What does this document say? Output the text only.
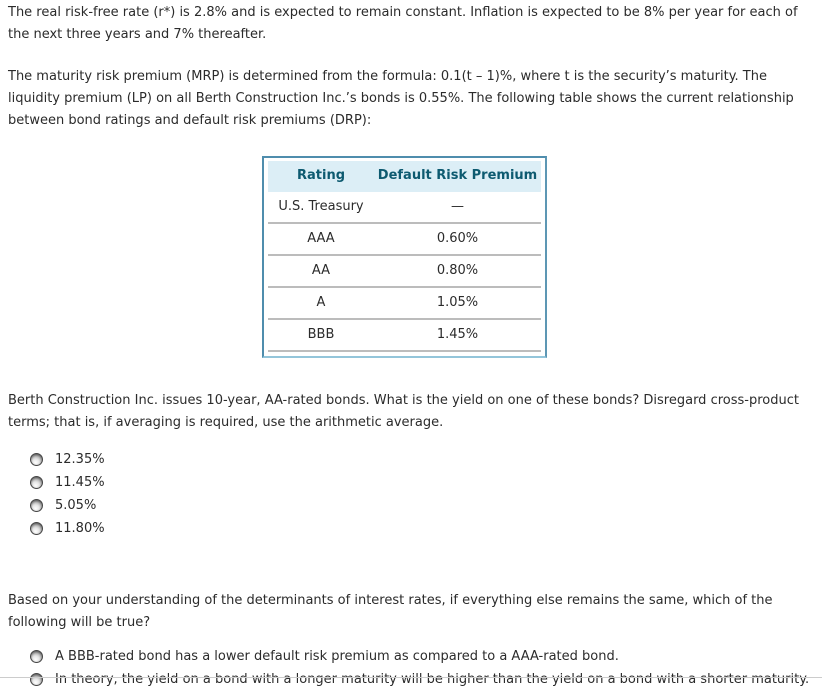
The real risk-free rate (r*) is 2.8% and is expected to remain constant. Inflation is expected to be 8% per year for each of the next three years and 7% thereafter.

The maturity risk premium (MRP) is determined from the formula: 0.1(t – 1)%, where t is the security’s maturity. The liquidity premium (LP) on all Berth Construction Inc.’s bonds is 0.55%. The following table shows the current relationship between bond ratings and default risk premiums (DRP):

Rating	Default Risk Premium
U.S. Treasury	—
AAA	0.60%
AA	0.80%
A	1.05%
BBB	1.45%

Berth Construction Inc. issues 10-year, AA-rated bonds. What is the yield on one of these bonds? Disregard cross-product terms; that is, if averaging is required, use the arithmetic average.

12.35%
11.45%
5.05%
11.80%

Based on your understanding of the determinants of interest rates, if everything else remains the same, which of the following will be true?

A BBB-rated bond has a lower default risk premium as compared to a AAA-rated bond.
In theory, the yield on a bond with a longer maturity will be higher than the yield on a bond with a shorter maturity.
